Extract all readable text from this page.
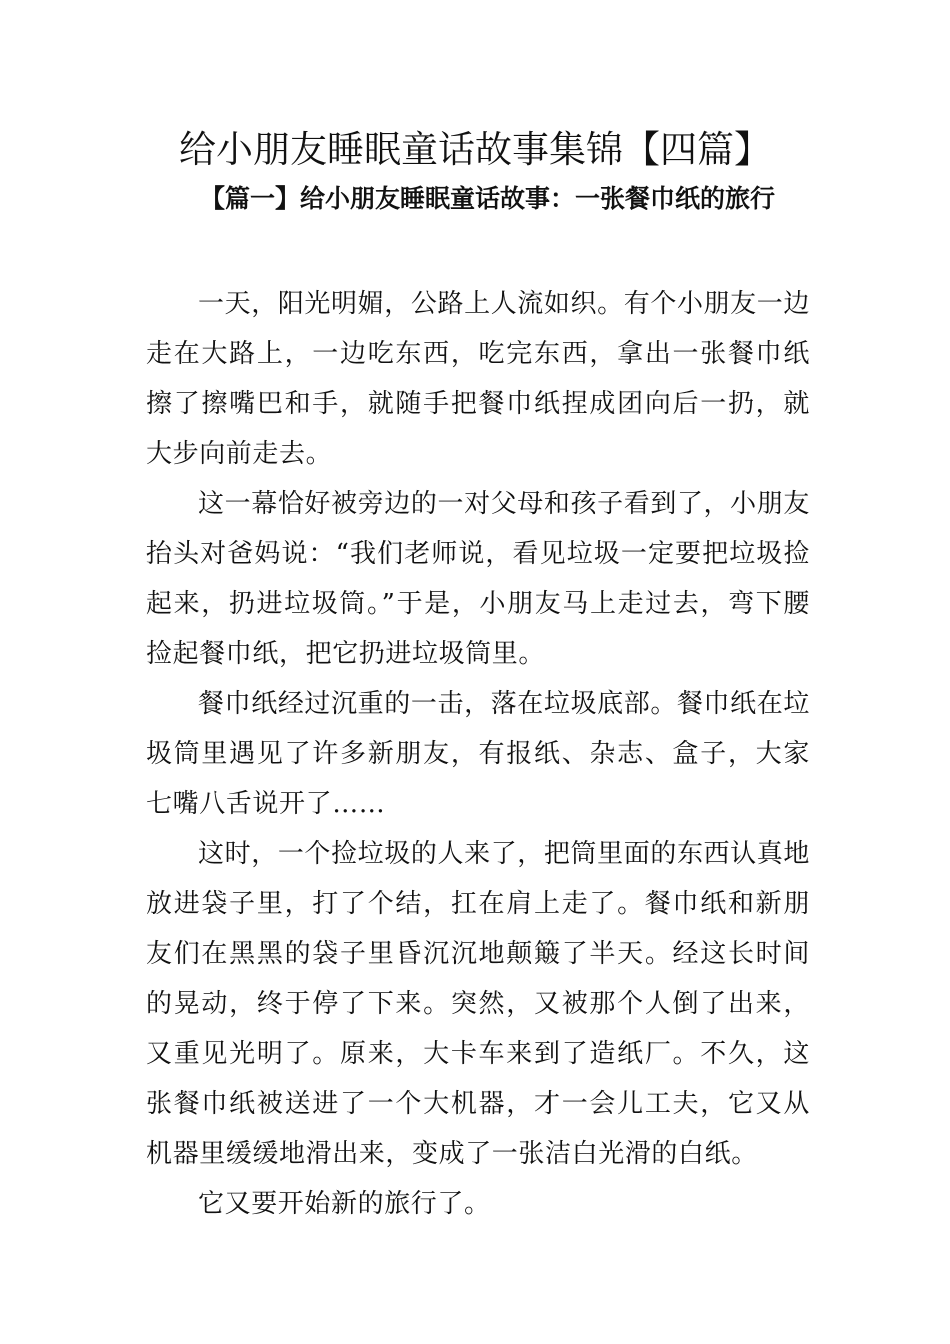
给小朋友睡眠童话故事集锦【四篇】
【篇一】给小朋友睡眠童话故事：一张餐巾纸的旅行

一天，阳光明媚，公路上人流如织。有个小朋友一边走在大路上，一边吃东西，吃完东西，拿出一张餐巾纸擦了擦嘴巴和手，就随手把餐巾纸捏成团向后一扔，就大步向前走去。

这一幕恰好被旁边的一对父母和孩子看到了，小朋友抬头对爸妈说：“我们老师说，看见垃圾一定要把垃圾捡起来，扔进垃圾筒。”于是，小朋友马上走过去，弯下腰捡起餐巾纸，把它扔进垃圾筒里。

餐巾纸经过沉重的一击，落在垃圾底部。餐巾纸在垃圾筒里遇见了许多新朋友，有报纸、杂志、盒子，大家七嘴八舌说开了……

这时，一个捡垃圾的人来了，把筒里面的东西认真地放进袋子里，打了个结，扛在肩上走了。餐巾纸和新朋友们在黑黑的袋子里昏沉沉地颠簸了半天。经这长时间的晃动，终于停了下来。突然，又被那个人倒了出来，又重见光明了。原来，大卡车来到了造纸厂。不久，这张餐巾纸被送进了一个大机器，才一会儿工夫，它又从机器里缓缓地滑出来，变成了一张洁白光滑的白纸。

它又要开始新的旅行了。
